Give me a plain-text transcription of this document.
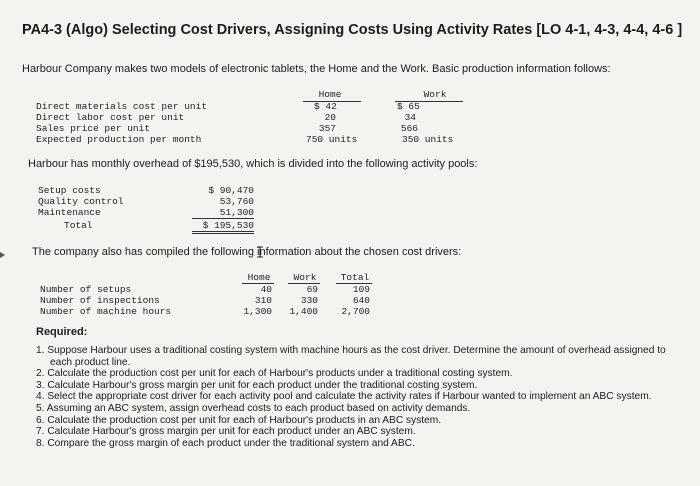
PA4-3 (Algo) Selecting Cost Drivers, Assigning Costs Using Activity Rates [LO 4-1, 4-3, 4-4, 4-6 ]
Harbour Company makes two models of electronic tablets, the Home and the Work. Basic production information follows:
Home	Work
Direct materials cost per unit	$ 42	$ 65
Direct labor cost per unit	20	34
Sales price per unit	357	566
Expected production per month	750 units	350 units
Harbour has monthly overhead of $195,530, which is divided into the following activity pools:
Setup costs	$ 90,470
Quality control	53,760
Maintenance	51,300
Total	$ 195,530
The company also has compiled the following information about the chosen cost drivers:
Home	Work	Total
Number of setups	40	69	109
Number of inspections	310	330	640
Number of machine hours	1,300	1,400	2,700
Required:
1. Suppose Harbour uses a traditional costing system with machine hours as the cost driver. Determine the amount of overhead assigned to each product line.
2. Calculate the production cost per unit for each of Harbour's products under a traditional costing system.
3. Calculate Harbour's gross margin per unit for each product under the traditional costing system.
4. Select the appropriate cost driver for each activity pool and calculate the activity rates if Harbour wanted to implement an ABC system.
5. Assuming an ABC system, assign overhead costs to each product based on activity demands.
6. Calculate the production cost per unit for each of Harbour's products in an ABC system.
7. Calculate Harbour's gross margin per unit for each product under an ABC system.
8. Compare the gross margin of each product under the traditional system and ABC.
